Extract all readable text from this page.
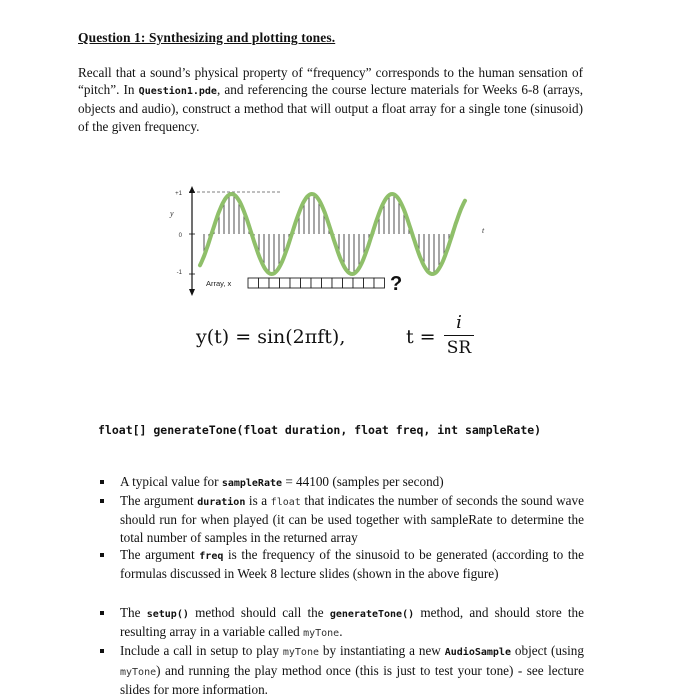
Question 1: Synthesizing and plotting tones.
Recall that a sound’s physical property of “frequency” corresponds to the human sensation of “pitch”. In Question1.pde, and referencing the course lecture materials for Weeks 6-8 (arrays, objects and audio), construct a method that will output a float array for a single tone (sinusoid) of the given frequency.
+1
0
-1
y
t
Array, x	?
y(t) = sin(2πft),	t =
i
SR
float[] generateTone(float duration, float freq, int sampleRate)
A typical value for sampleRate = 44100 (samples per second)
The argument duration is a float that indicates the number of seconds the sound wave should run for when played (it can be used together with sampleRate to determine the total number of samples in the returned array
The argument freq is the frequency of the sinusoid to be generated (according to the formulas discussed in Week 8 lecture slides (shown in the above figure)
The setup() method should call the generateTone() method, and should store the resulting array in a variable called myTone.
Include a call in setup to play myTone by instantiating a new AudioSample object (using myTone) and running the play method once (this is just to test your tone) - see lecture slides for more information.
